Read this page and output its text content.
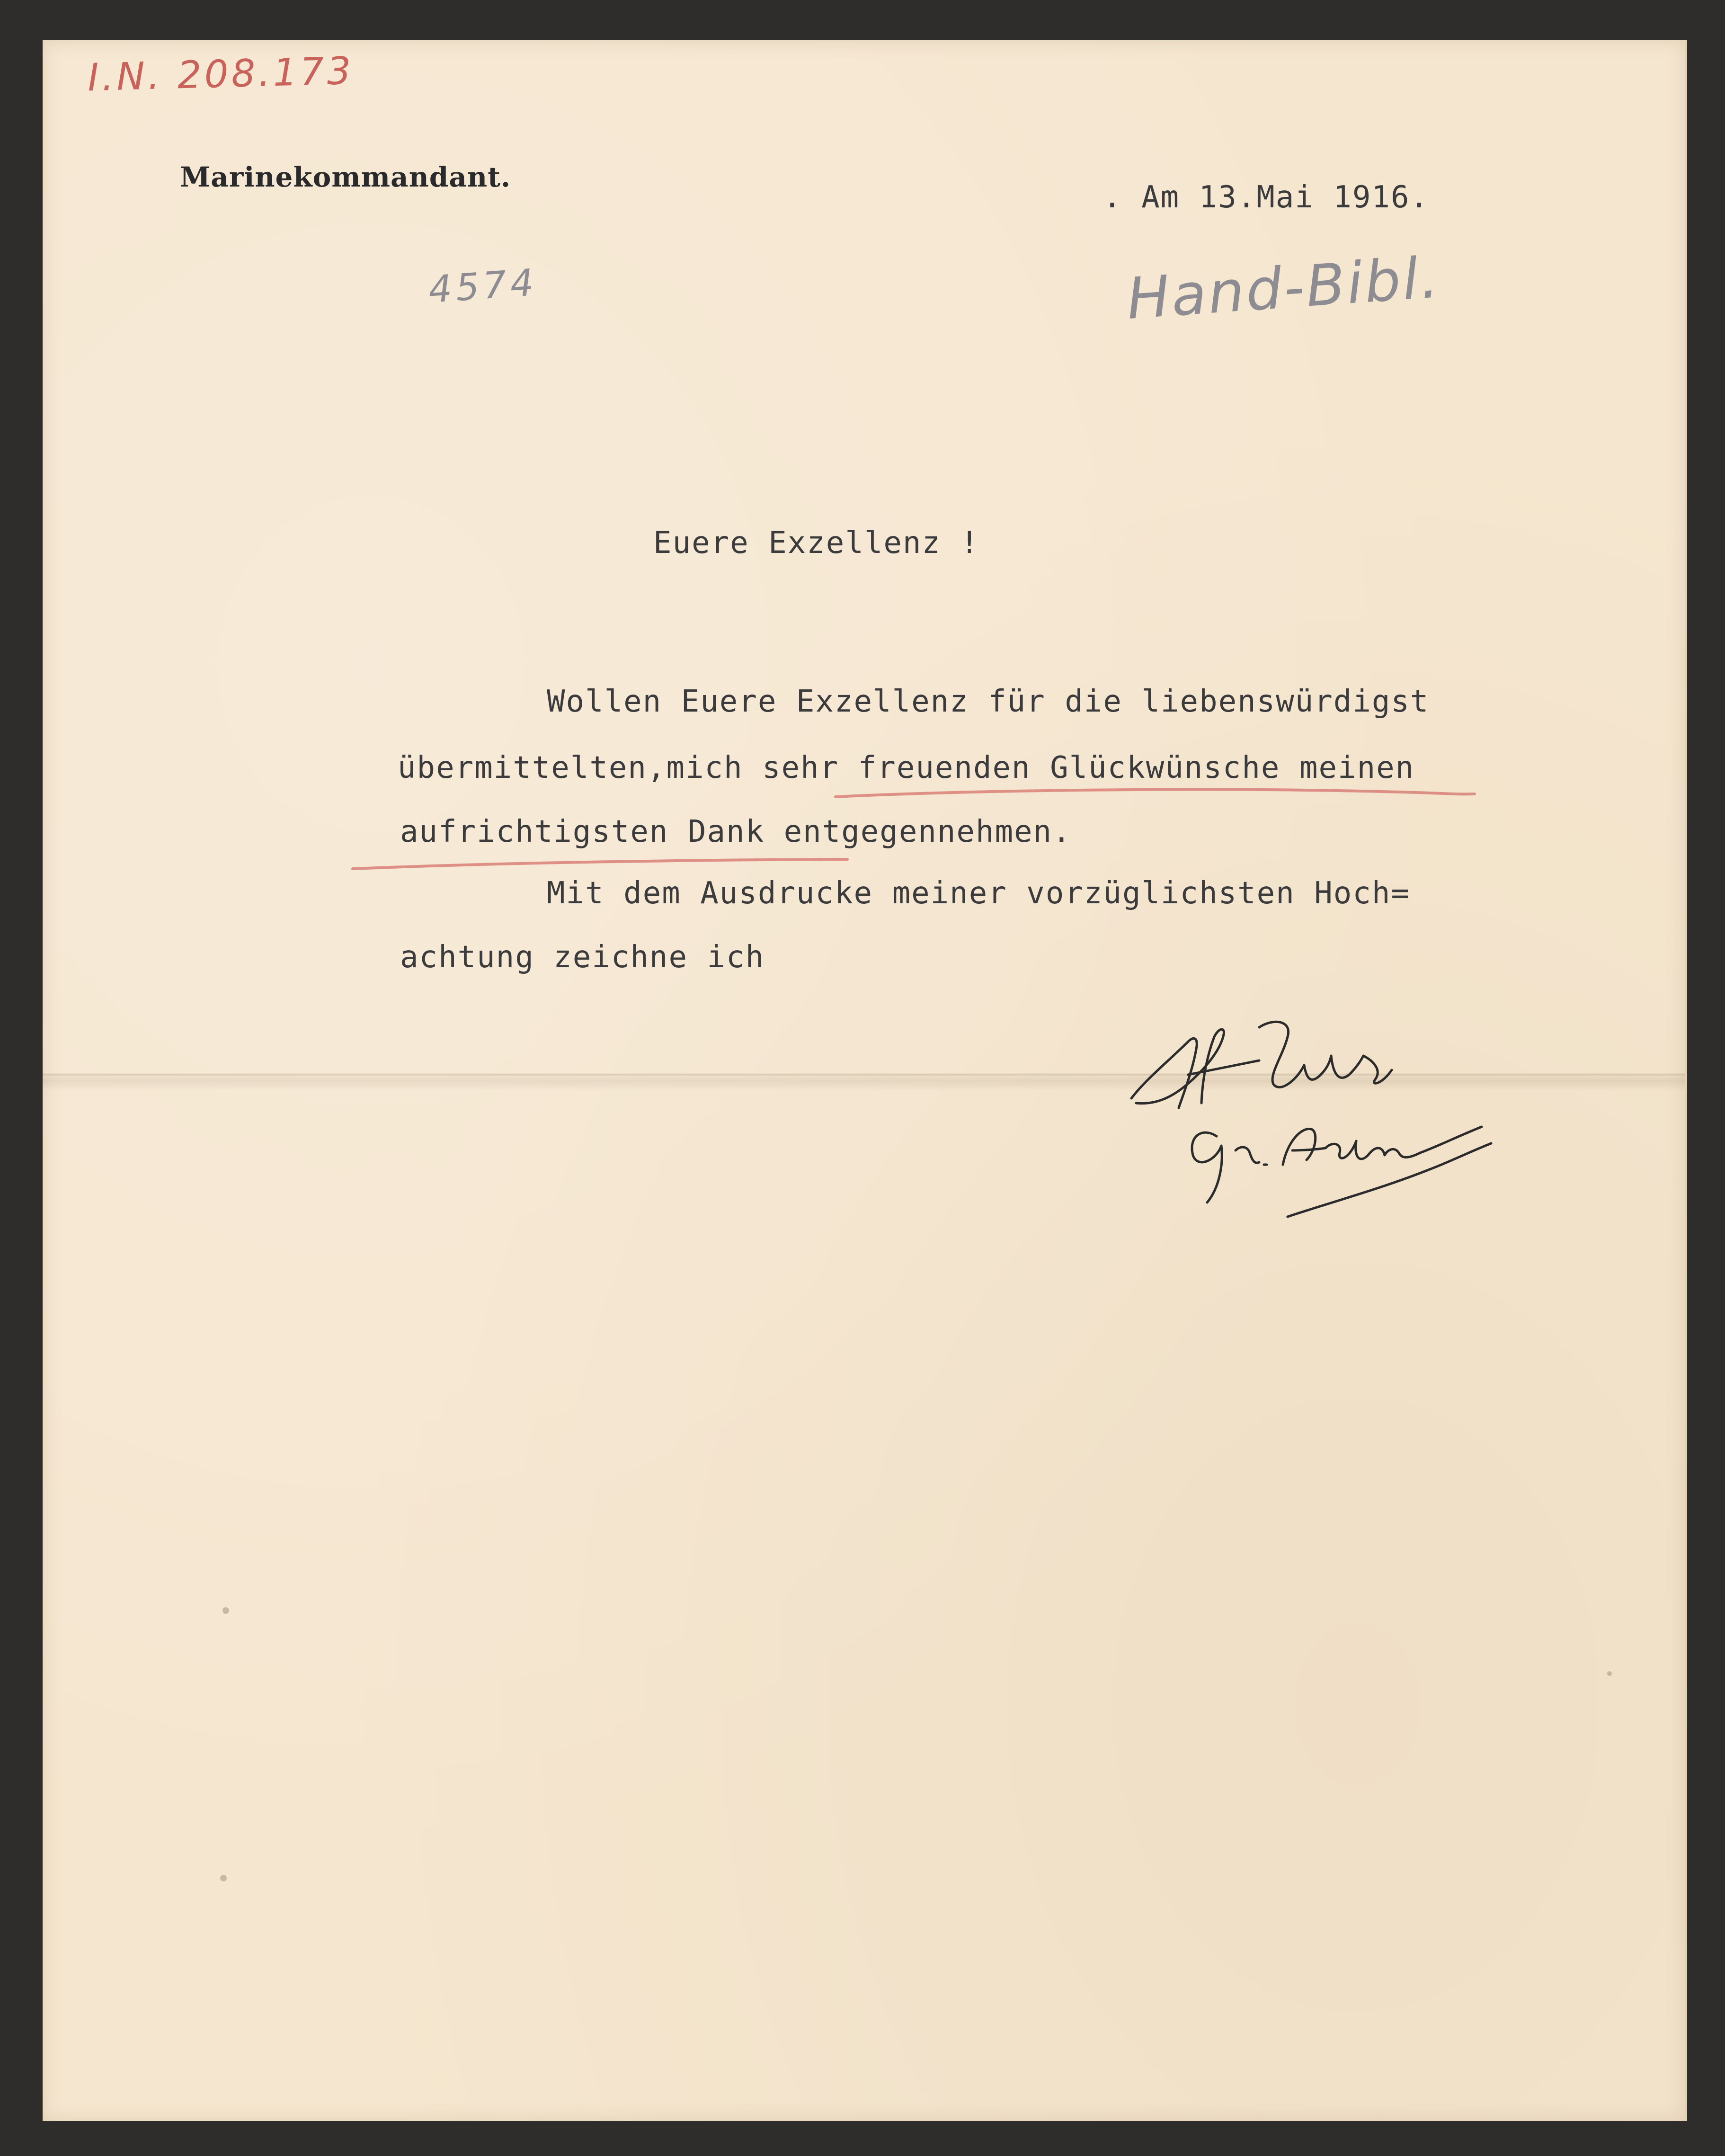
I.N. 208.173
Marinekommandant.
. Am 13.Mai 1916.
4574	Hand-Bibl.
Euere Exzellenz !
Wollen Euere Exzellenz für die liebenswürdigst
übermittelten,mich sehr freuenden Glückwünsche meinen
aufrichtigsten Dank entgegennehmen.
Mit dem Ausdrucke meiner vorzüglichsten Hoch=
achtung zeichne ich
